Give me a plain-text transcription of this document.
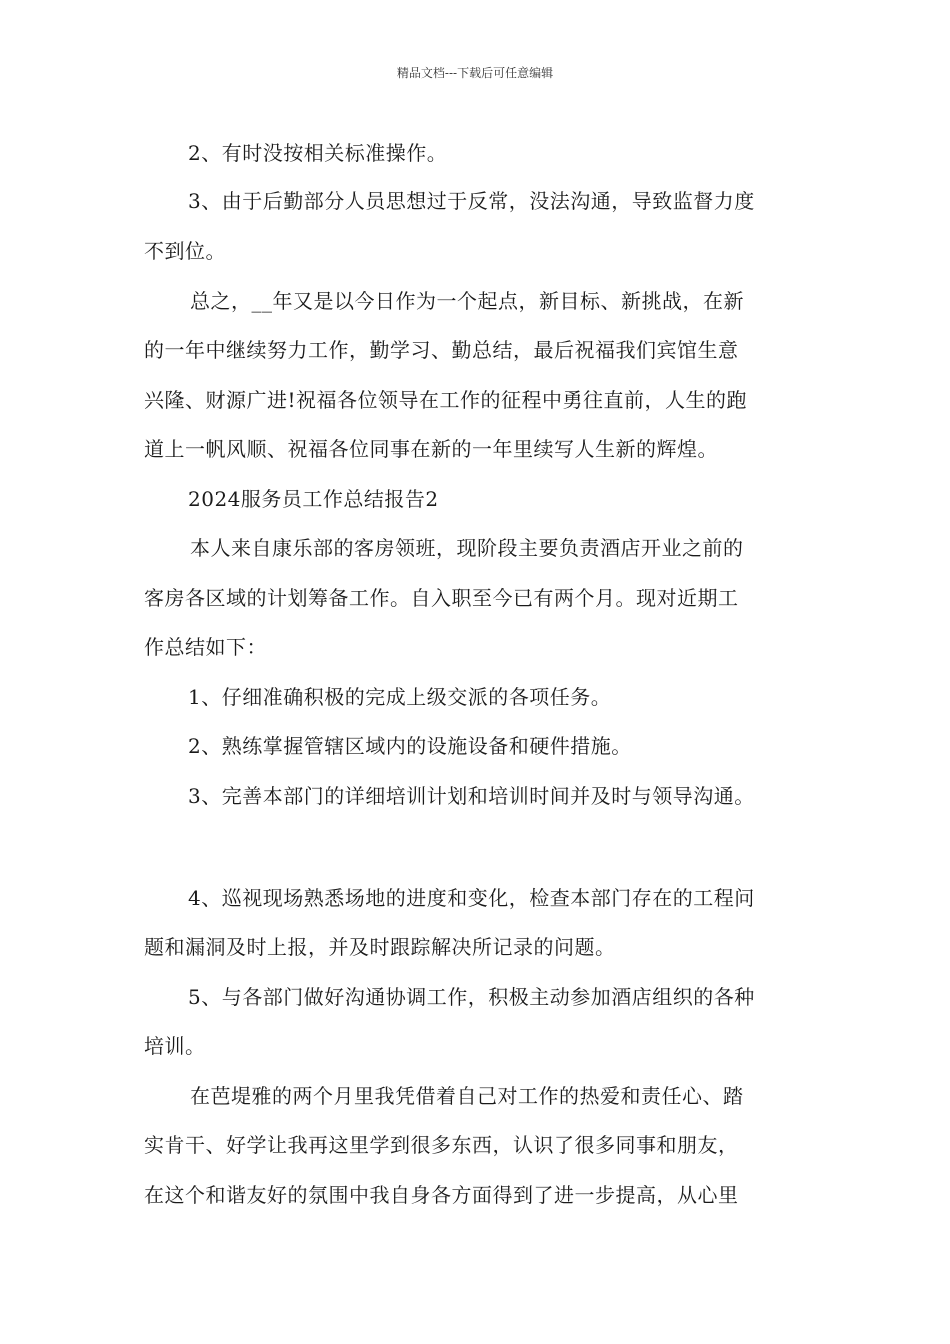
精品文档---下载后可任意编辑
2、有时没按相关标准操作。
3、由于后勤部分人员思想过于反常，没法沟通，导致监督力度
不到位。
总之，__年又是以今日作为一个起点，新目标、新挑战，在新
的一年中继续努力工作，勤学习、勤总结，最后祝福我们宾馆生意
兴隆、财源广进!祝福各位领导在工作的征程中勇往直前，人生的跑
道上一帆风顺、祝福各位同事在新的一年里续写人生新的辉煌。
2024服务员工作总结报告2
本人来自康乐部的客房领班，现阶段主要负责酒店开业之前的
客房各区域的计划筹备工作。自入职至今已有两个月。现对近期工
作总结如下：
1、仔细准确积极的完成上级交派的各项任务。
2、熟练掌握管辖区域内的设施设备和硬件措施。
3、完善本部门的详细培训计划和培训时间并及时与领导沟通。
4、巡视现场熟悉场地的进度和变化，检查本部门存在的工程问
题和漏洞及时上报，并及时跟踪解决所记录的问题。
5、与各部门做好沟通协调工作，积极主动参加酒店组织的各种
培训。
在芭堤雅的两个月里我凭借着自己对工作的热爱和责任心、踏
实肯干、好学让我再这里学到很多东西，认识了很多同事和朋友，
在这个和谐友好的氛围中我自身各方面得到了进一步提高，从心里
